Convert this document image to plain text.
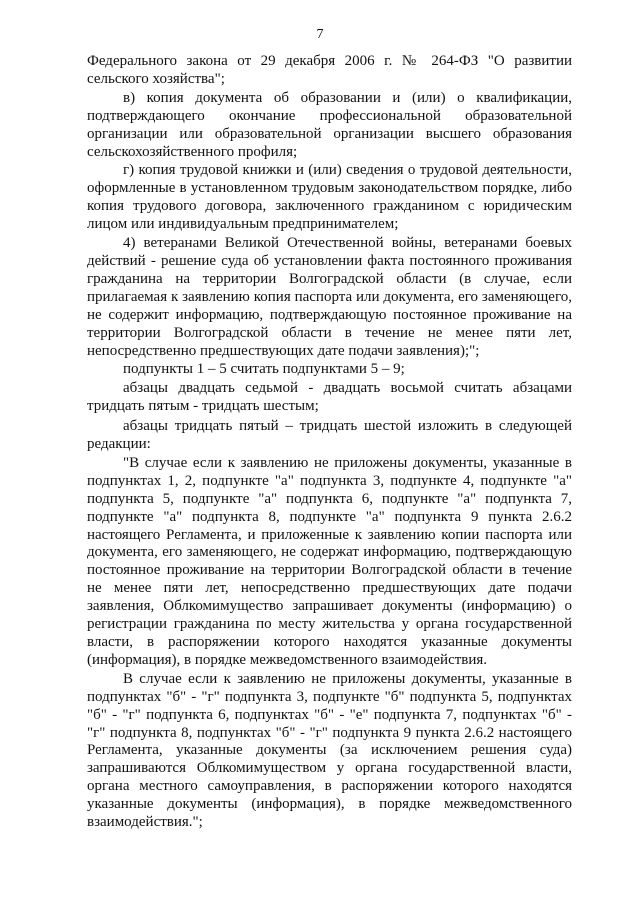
7

Федерального закона от 29 декабря 2006 г. № 264-ФЗ "О развитии сельского хозяйства";

в) копия документа об образовании и (или) о квалификации, подтверждающего окончание профессиональной образовательной организации или образовательной организации высшего образования сельскохозяйственного профиля;

г) копия трудовой книжки и (или) сведения о трудовой деятельности, оформленные в установленном трудовым законодательством порядке, либо копия трудового договора, заключенного гражданином с юридическим лицом или индивидуальным предпринимателем;

4) ветеранами Великой Отечественной войны, ветеранами боевых действий - решение суда об установлении факта постоянного проживания гражданина на территории Волгоградской области (в случае, если прилагаемая к заявлению копия паспорта или документа, его заменяющего, не содержит информацию, подтверждающую постоянное проживание на территории Волгоградской области в течение не менее пяти лет, непосредственно предшествующих дате подачи заявления);";

подпункты 1 – 5 считать подпунктами 5 – 9;

абзацы двадцать седьмой - двадцать восьмой считать абзацами тридцать пятым - тридцать шестым;

абзацы тридцать пятый – тридцать шестой изложить в следующей редакции:

"В случае если к заявлению не приложены документы, указанные в подпунктах 1, 2, подпункте "а" подпункта 3, подпункте 4, подпункте "а" подпункта 5, подпункте "а" подпункта 6, подпункте "а" подпункта 7, подпункте "а" подпункта 8, подпункте "а" подпункта 9 пункта 2.6.2 настоящего Регламента, и приложенные к заявлению копии паспорта или документа, его заменяющего, не содержат информацию, подтверждающую постоянное проживание на территории Волгоградской области в течение не менее пяти лет, непосредственно предшествующих дате подачи заявления, Облкомимущество запрашивает документы (информацию) о регистрации гражданина по месту жительства у органа государственной власти, в распоряжении которого находятся указанные документы (информация), в порядке межведомственного взаимодействия.

В случае если к заявлению не приложены документы, указанные в подпунктах "б" - "г" подпункта 3, подпункте "б" подпункта 5, подпунктах "б" - "г" подпункта 6, подпунктах "б" - "е" подпункта 7, подпунктах "б" - "г" подпункта 8, подпунктах "б" - "г" подпункта 9 пункта 2.6.2 настоящего Регламента, указанные документы (за исключением решения суда) запрашиваются Облкомимуществом у органа государственной власти, органа местного самоуправления, в распоряжении которого находятся указанные документы (информация), в порядке межведомственного взаимодействия.";
